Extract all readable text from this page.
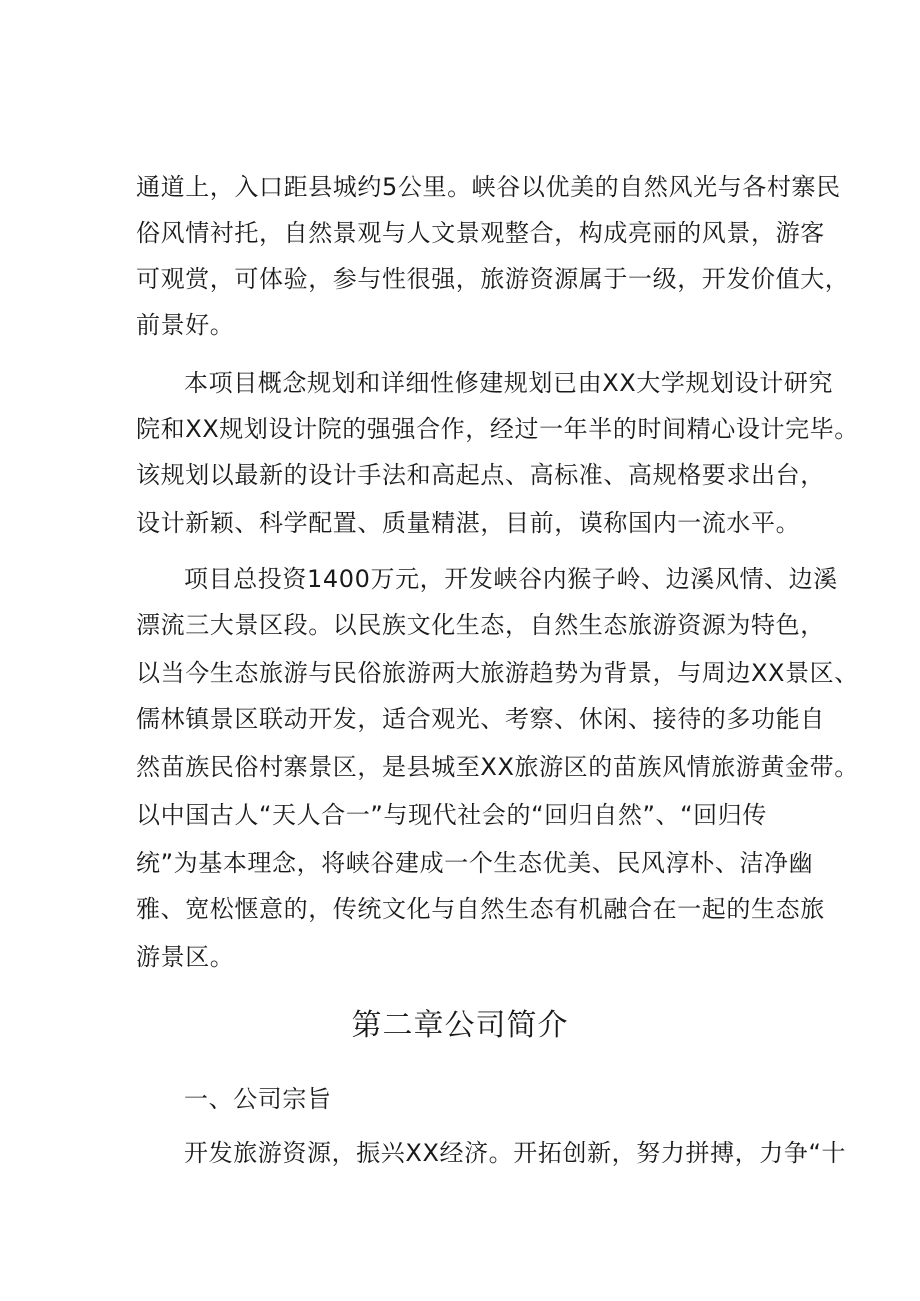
通道上，入口距县城约5公里。峡谷以优美的自然风光与各村寨民
俗风情衬托，自然景观与人文景观整合，构成亮丽的风景，游客
可观赏，可体验，参与性很强，旅游资源属于一级，开发价值大，
前景好。
本项目概念规划和详细性修建规划已由XX大学规划设计研究
院和XX规划设计院的强强合作，经过一年半的时间精心设计完毕。
该规划以最新的设计手法和高起点、高标准、高规格要求出台，
设计新颖、科学配置、质量精湛，目前，谟称国内一流水平。
项目总投资1400万元，开发峡谷内猴子岭、边溪风情、边溪
漂流三大景区段。以民族文化生态，自然生态旅游资源为特色，
以当今生态旅游与民俗旅游两大旅游趋势为背景，与周边XX景区、
儒林镇景区联动开发，适合观光、考察、休闲、接待的多功能自
然苗族民俗村寨景区，是县城至XX旅游区的苗族风情旅游黄金带。
以中国古人“天人合一”与现代社会的“回归自然”、“回归传
统”为基本理念，将峡谷建成一个生态优美、民风淳朴、洁净幽
雅、宽松惬意的，传统文化与自然生态有机融合在一起的生态旅
游景区。
第二章公司简介
一、公司宗旨
开发旅游资源，振兴XX经济。开拓创新，努力拼搏，力争“十
